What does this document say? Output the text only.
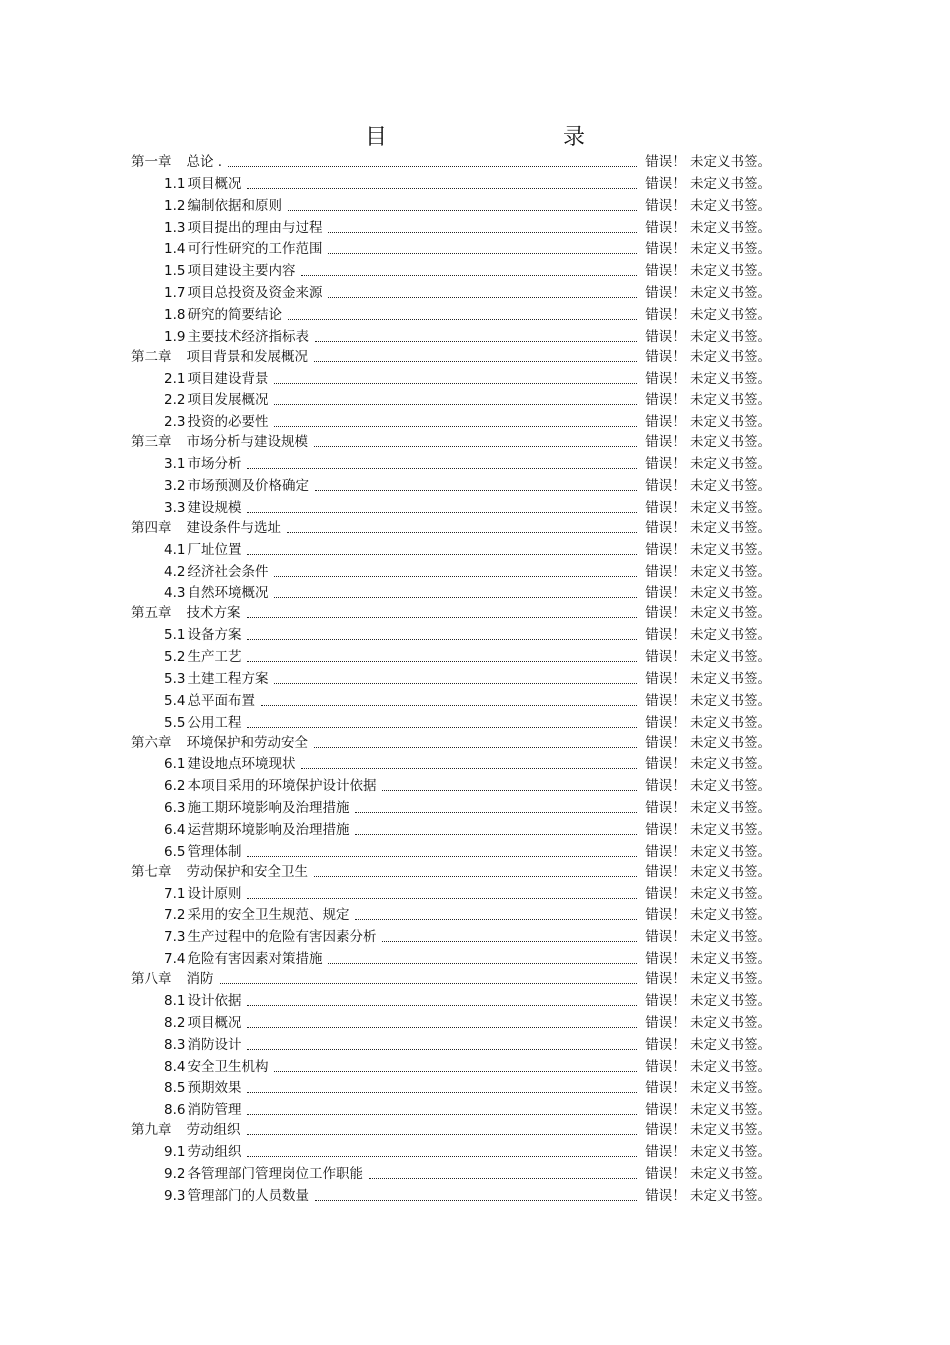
目　　录
第一章 总论 .	错误！ 未定义书签。
1.1 项目概况	错误！ 未定义书签。
1.2 编制依据和原则	错误！ 未定义书签。
1.3 项目提出的理由与过程	错误！ 未定义书签。
1.4 可行性研究的工作范围	错误！ 未定义书签。
1.5 项目建设主要内容	错误！ 未定义书签。
1.7 项目总投资及资金来源	错误！ 未定义书签。
1.8 研究的简要结论	错误！ 未定义书签。
1.9 主要技术经济指标表	错误！ 未定义书签。
第二章 项目背景和发展概况	错误！ 未定义书签。
2.1 项目建设背景	错误！ 未定义书签。
2.2 项目发展概况	错误！ 未定义书签。
2.3 投资的必要性	错误！ 未定义书签。
第三章 市场分析与建设规模	错误！ 未定义书签。
3.1 市场分析	错误！ 未定义书签。
3.2 市场预测及价格确定	错误！ 未定义书签。
3.3 建设规模	错误！ 未定义书签。
第四章 建设条件与选址	错误！ 未定义书签。
4.1 厂址位置	错误！ 未定义书签。
4.2 经济社会条件	错误！ 未定义书签。
4.3 自然环境概况	错误！ 未定义书签。
第五章 技术方案	错误！ 未定义书签。
5.1 设备方案	错误！ 未定义书签。
5.2 生产工艺	错误！ 未定义书签。
5.3 土建工程方案	错误！ 未定义书签。
5.4 总平面布置	错误！ 未定义书签。
5.5 公用工程	错误！ 未定义书签。
第六章 环境保护和劳动安全	错误！ 未定义书签。
6.1 建设地点环境现状	错误！ 未定义书签。
6.2 本项目采用的环境保护设计依据	错误！ 未定义书签。
6.3 施工期环境影响及治理措施	错误！ 未定义书签。
6.4 运营期环境影响及治理措施	错误！ 未定义书签。
6.5 管理体制	错误！ 未定义书签。
第七章 劳动保护和安全卫生	错误！ 未定义书签。
7.1 设计原则	错误！ 未定义书签。
7.2 采用的安全卫生规范、规定	错误！ 未定义书签。
7.3 生产过程中的危险有害因素分析	错误！ 未定义书签。
7.4 危险有害因素对策措施	错误！ 未定义书签。
第八章 消防	错误！ 未定义书签。
8.1 设计依据	错误！ 未定义书签。
8.2 项目概况	错误！ 未定义书签。
8.3 消防设计	错误！ 未定义书签。
8.4 安全卫生机构	错误！ 未定义书签。
8.5 预期效果	错误！ 未定义书签。
8.6 消防管理	错误！ 未定义书签。
第九章 劳动组织	错误！ 未定义书签。
9.1 劳动组织	错误！ 未定义书签。
9.2 各管理部门管理岗位工作职能	错误！ 未定义书签。
9.3 管理部门的人员数量	错误！ 未定义书签。
